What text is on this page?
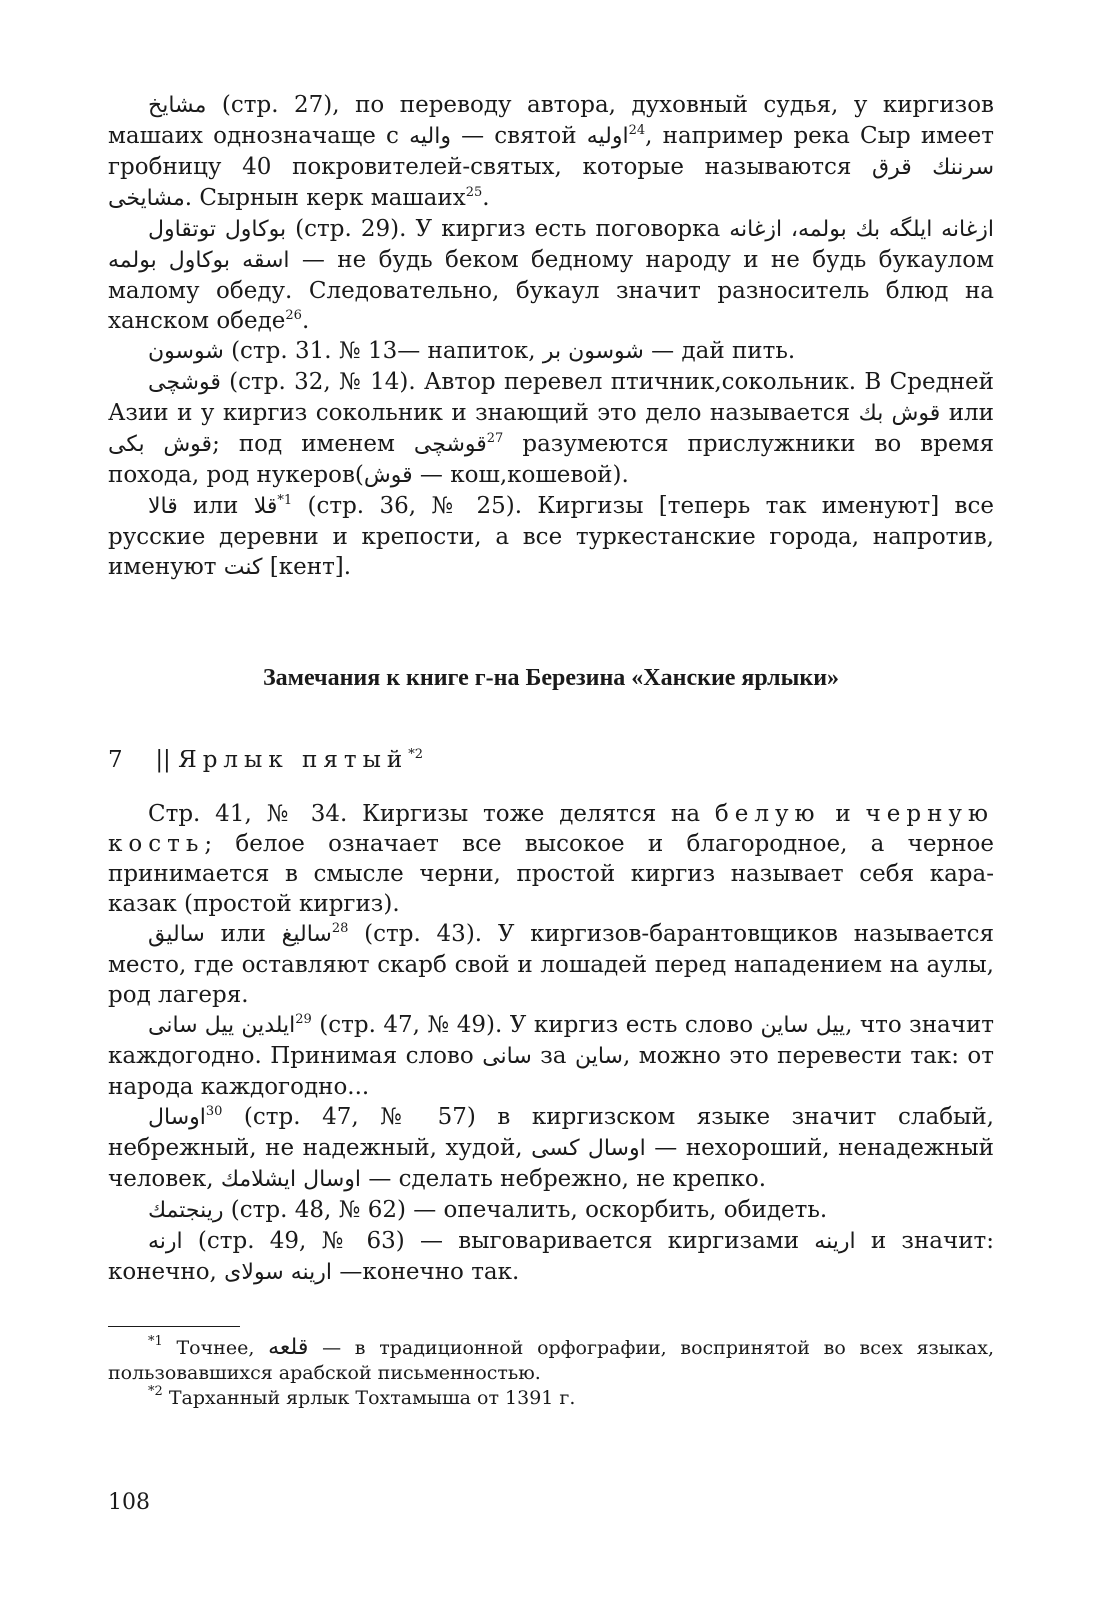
مشايخ (стр. 27), по переводу автора, духовный судья, у киргизов машаих однозначаще с واليه — святой اوليه$^{24}$, например река Сыр имеет гробницу 40 покровителей-святых, которые называются سرننك قرق مشايخى. Сырнын керк машаих$^{25}$.

بوكاول توتقاول (стр. 29). У киргиз есть поговорка ازغانه ايلگه بك بولمه، ازغانه اسقه بوكاول بولمه — не будь беком бедному народу и не будь букаулом малому обеду. Следовательно, букаул значит разноситель блюд на ханском обеде$^{26}$.

شوسون (стр. 31. № 13— напиток, شوسون بر — дай пить.

قوشچى (стр. 32, № 14). Автор перевел птичник,сокольник. В Средней Азии и у киргиз сокольник и знающий это дело называется قوش بك или قوش بكى; под именем قوشچى$^{27}$ разумеются прислужники во время похода, род нукеров(قوش — кош,кошевой).

قالا или قلا$^{*1}$ (стр. 36, № 25). Киргизы [теперь так именуют] все русские деревни и крепости, а все туркестанские города, напротив, именуют كنت [кент].

Замечания к книге г-на Березина «Ханские ярлыки»
7 || Ярлык пятый$^{*2}$

Стр. 41, № 34. Киргизы тоже делятся на белую и черную кость; белое означает все высокое и благородное, а черное принимается в смысле черни, простой киргиз называет себя кара-казак (простой киргиз).

ساليق или ساليغ$^{28}$ (стр. 43). У киргизов-барантовщиков называется место, где оставляют скарб свой и лошадей перед нападением на аулы, род лагеря.

ايلدين ييل سانى$^{29}$ (стр. 47, № 49). У киргиз есть слово ييل ساين, что значит каждогодно. Принимая слово سانى за ساين, можно это перевести так: от народа каждогодно...

اوسال$^{30}$ (стр. 47, № 57) в киргизском языке значит слабый, небрежный, не надежный, худой, اوسال كسى — нехороший, ненадежный человек, اوسال ايشلامك — сделать небрежно, не крепко.

رينجتمك (стр. 48, № 62) — опечалить, оскорбить, обидеть.

ارنه (стр. 49, № 63) — выговаривается киргизами ارينه и значит: конечно, ارينه سولاى —конечно так.

$^{*1}$ Точнее, قلعه — в традиционной орфографии, воспринятой во всех языках, пользовавшихся арабской письменностью.

$^{*2}$ Тарханный ярлык Тохтамыша от 1391 г.

108
